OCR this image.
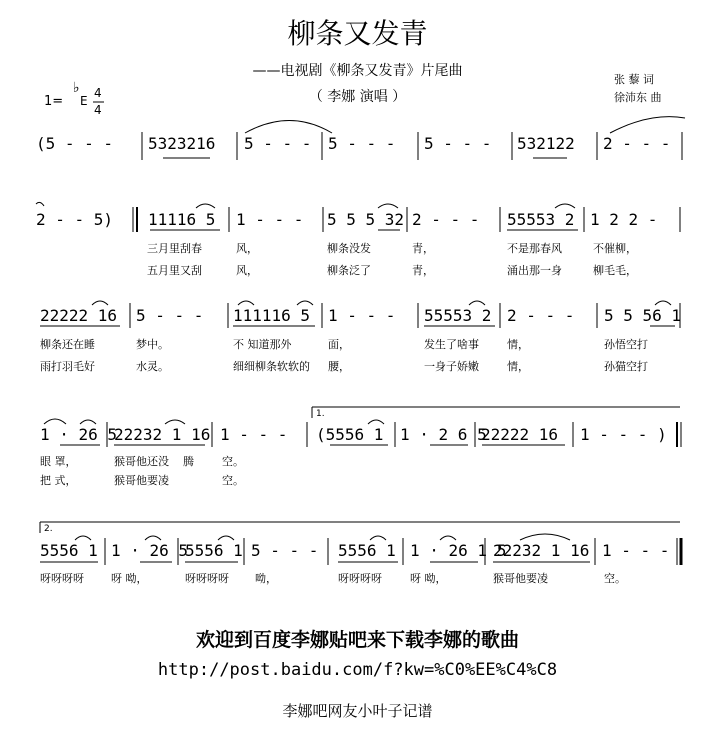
柳条又发青
——电视剧《柳条又发青》片尾曲
（ 李娜 演唱 ）
张 藜 词
徐沛东 曲
1=
♭
E
4
4
(5 - - - 5323216 5 - - - 5 - - - 5 - - - 532122 2 - - -
2 - - 5) 11116 5 1 - - - 5 5 5 32 2 - - - 55553 2 1 2 2 -
三月里刮春	风，	柳条没发	青，	不是那春风	不催柳，
五月里又刮	风，	柳条泛了	青，	涌出那一身	柳毛毛，
22222 16 5 - - - 111116 5 1 - - - 55553 2 2 - - - 5 5 56 1
柳条还在睡	梦中。	不 知道那外	面，	发生了啥事	情，	孙悟空打
雨打羽毛好	水灵。	细细柳条软软的 腰，	一身子娇嫩	情，	孙猫空打
1.
1 · 26 5
22232 1 16 1 - - - (5556 1 1 · 2 6 5
22222 16 1 - - - )
眼 罩，	猴哥他还没 腾	空。
把 式，	猴哥他要凌	空。
2.
5556 1 1 · 26 5
5556 1 5 - - - 5556 1 1 · 26 1 5
22232 1 16 1 - - -
呀呀呀呀 呀 呦，	呀呀呀呀 呦，	呀呀呀呀	呀 呦，	猴哥他要凌	空。
欢迎到百度李娜贴吧来下载李娜的歌曲
http://post.baidu.com/f?kw=%C0%EE%C4%C8
李娜吧网友小叶子记谱
